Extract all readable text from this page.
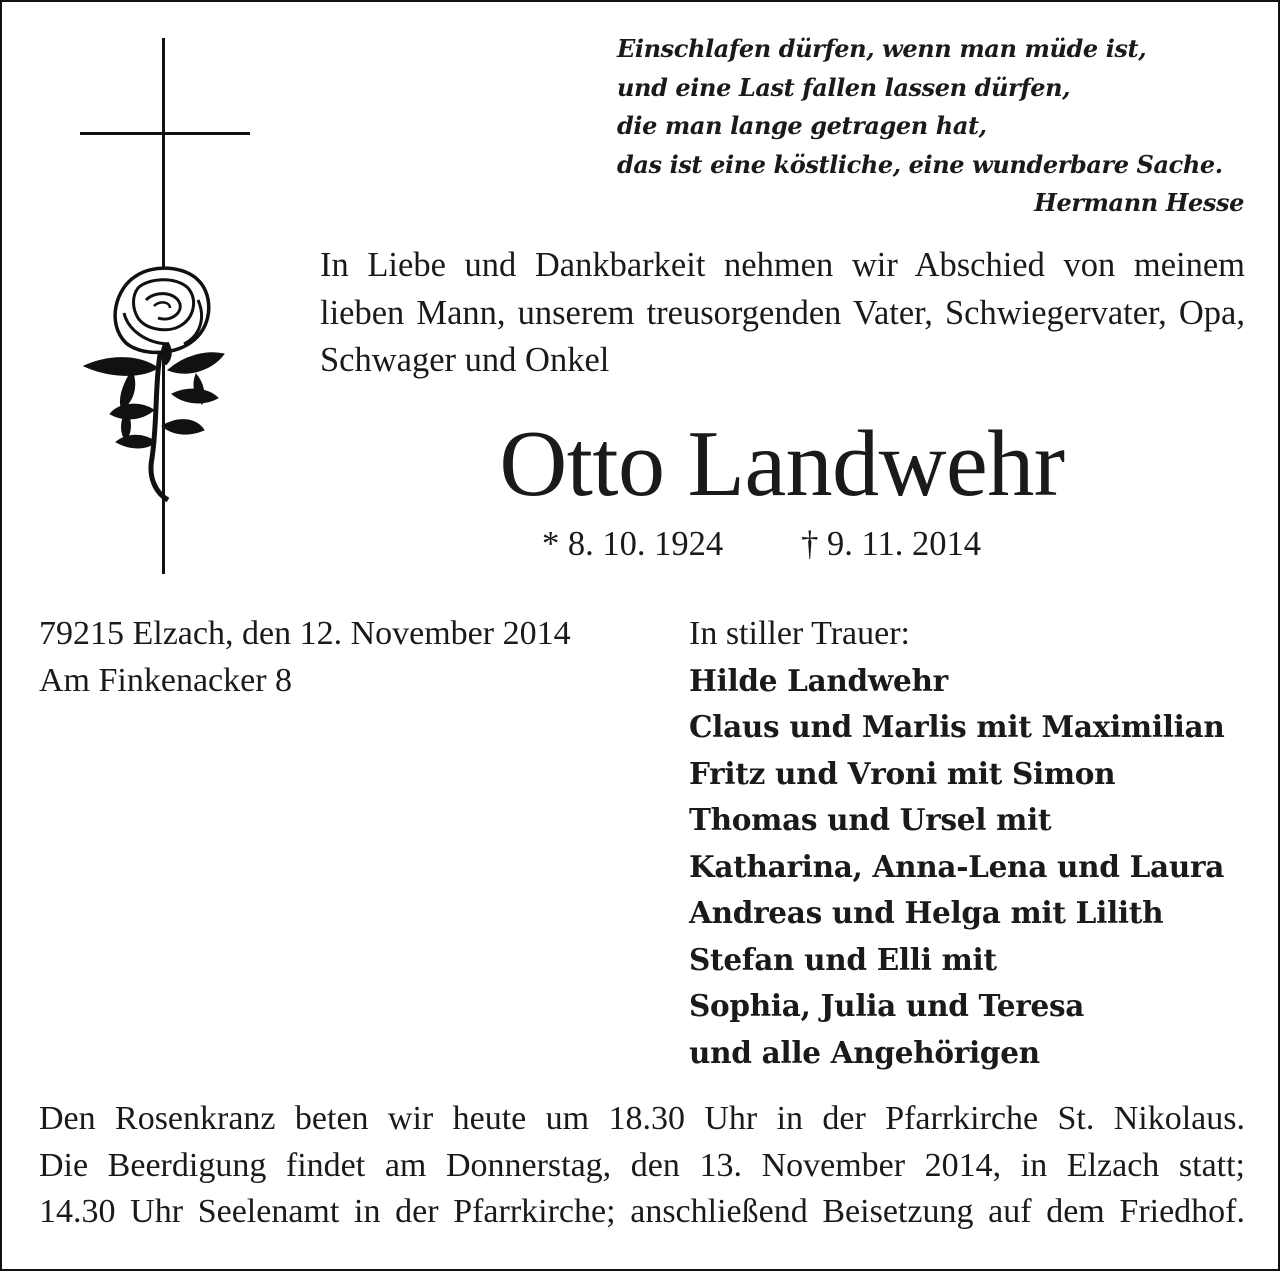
Einschlafen dürfen, wenn man müde ist,
und eine Last fallen lassen dürfen,
die man lange getragen hat,
das ist eine köstliche, eine wunderbare Sache.
Hermann Hesse
In Liebe und Dankbarkeit nehmen wir Abschied von meinem lieben Mann, unserem treusorgenden Vater, Schwiegervater, Opa, Schwager und Onkel
Otto Landwehr
* 8. 10. 1924 † 9. 11. 2014
79215 Elzach, den 12. November 2014
Am Finkenacker 8
In stiller Trauer:
Hilde Landwehr
Claus und Marlis mit Maximilian
Fritz und Vroni mit Simon
Thomas und Ursel mit
Katharina, Anna-Lena und Laura
Andreas und Helga mit Lilith
Stefan und Elli mit
Sophia, Julia und Teresa
und alle Angehörigen
Den Rosenkranz beten wir heute um 18.30 Uhr in der Pfarrkirche St. Nikolaus.
Die Beerdigung findet am Donnerstag, den 13. November 2014, in Elzach statt;
14.30 Uhr Seelenamt in der Pfarrkirche; anschließend Beisetzung auf dem Friedhof.
